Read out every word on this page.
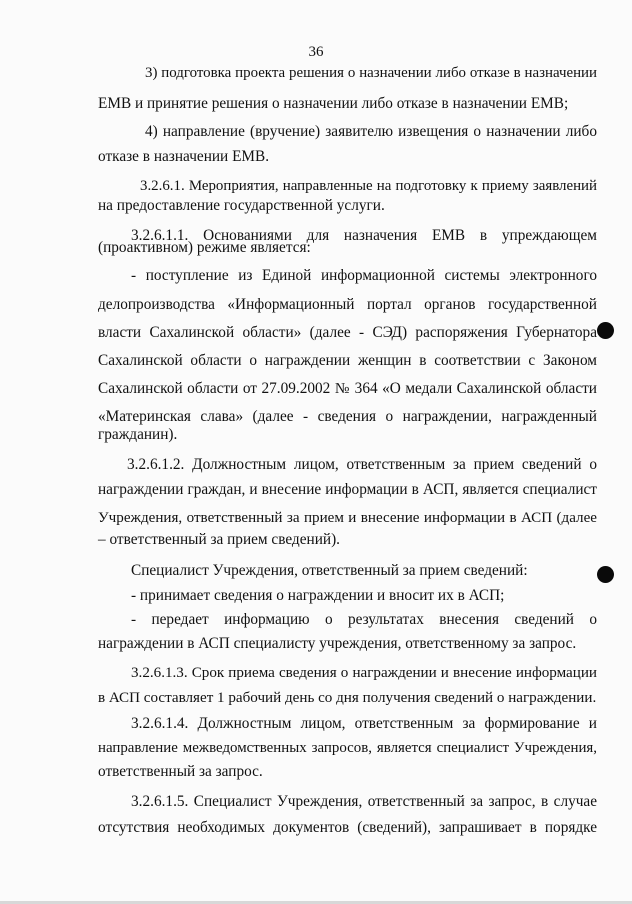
36
3) подготовка проекта решения о назначении либо отказе в назначении
ЕМВ и принятие решения о назначении либо отказе в назначении ЕМВ;
4) направление (вручение) заявителю извещения о назначении либо
отказе в назначении ЕМВ.
3.2.6.1. Мероприятия, направленные на подготовку к приему заявлений
на предоставление государственной услуги.
3.2.6.1.1. Основаниями для назначения ЕМВ в упреждающем
(проактивном) режиме является:
- поступление из Единой информационной системы электронного
делопроизводства «Информационный портал органов государственной
власти Сахалинской области» (далее - СЭД) распоряжения Губернатора
Сахалинской области о награждении женщин в соответствии с Законом
Сахалинской области от 27.09.2002 № 364 «О медали Сахалинской области
«Материнская слава» (далее - сведения о награждении, награжденный
гражданин).
3.2.6.1.2. Должностным лицом, ответственным за прием сведений о
награждении граждан, и внесение информации в АСП, является специалист
Учреждения, ответственный за прием и внесение информации в АСП (далее
– ответственный за прием сведений).
Специалист Учреждения, ответственный за прием сведений:
- принимает сведения о награждении и вносит их в АСП;
- передает информацию о результатах внесения сведений о
награждении в АСП специалисту учреждения, ответственному за запрос.
3.2.6.1.3. Срок приема сведения о награждении и внесение информации
в АСП составляет 1 рабочий день со дня получения сведений о награждении.
3.2.6.1.4. Должностным лицом, ответственным за формирование и
направление межведомственных запросов, является специалист Учреждения,
ответственный за запрос.
3.2.6.1.5. Специалист Учреждения, ответственный за запрос, в случае
отсутствия необходимых документов (сведений), запрашивает в порядке
